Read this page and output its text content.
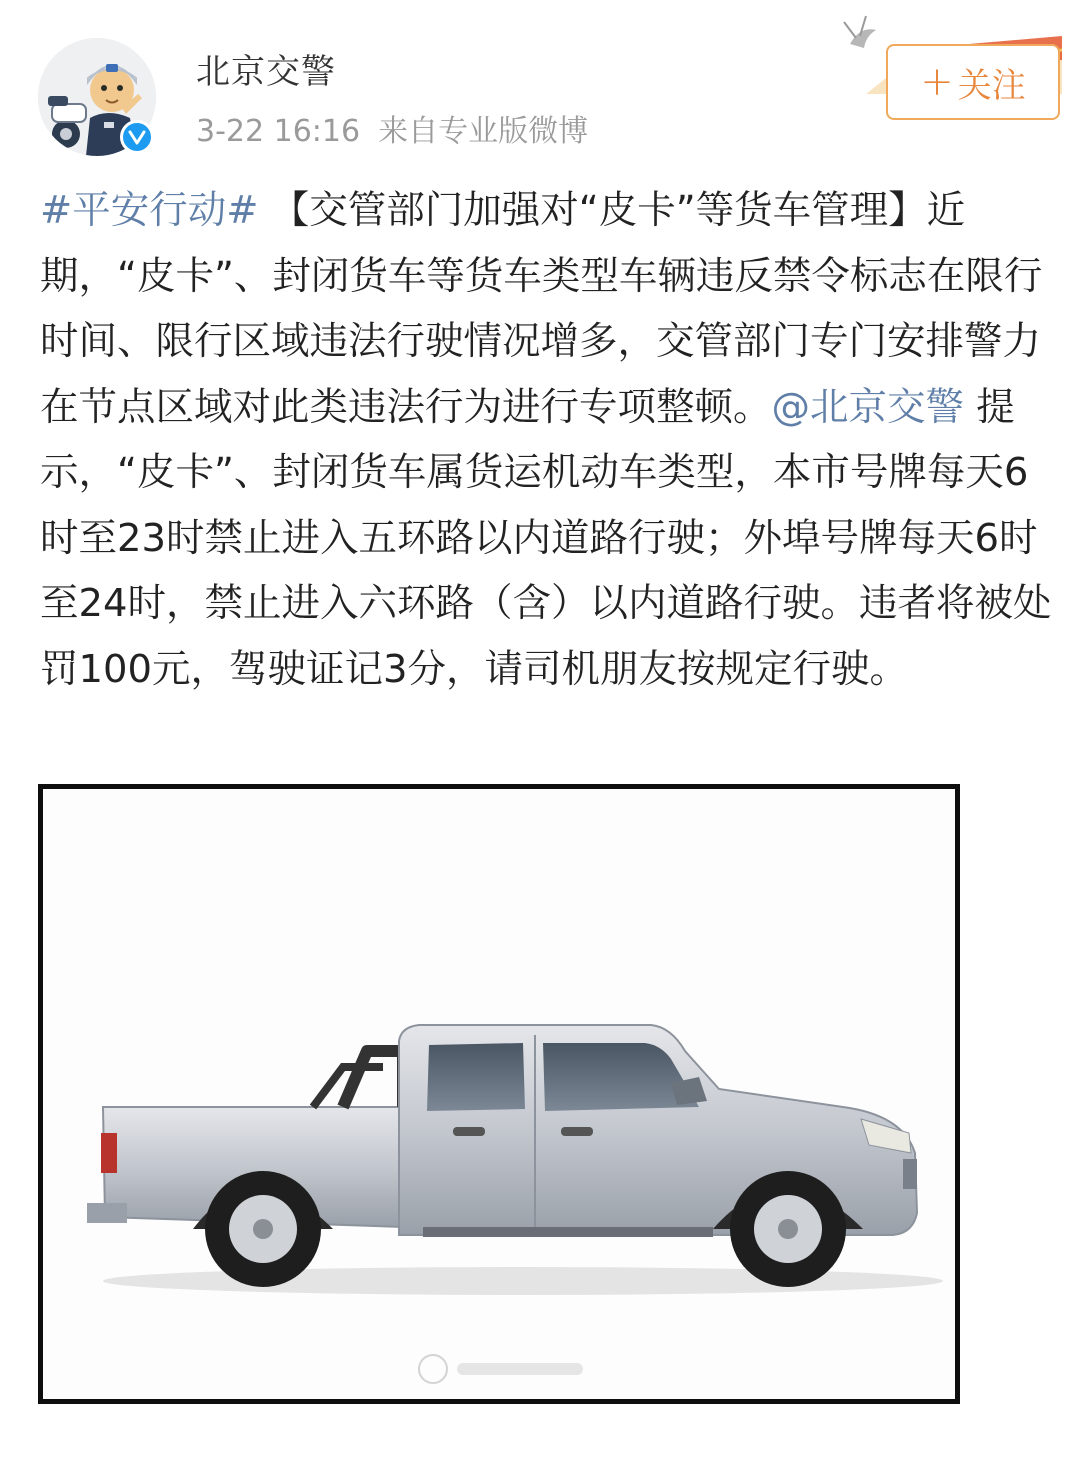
北京交警
3-22 16:16 来自专业版微博
+ 关注

#平安行动# 【交管部门加强对“皮卡”等货车管理】近期，“皮卡”、封闭货车等货车类型车辆违反禁令标志在限行时间、限行区域违法行驶情况增多，交管部门专门安排警力在节点区域对此类违法行为进行专项整顿。@北京交警 提示，“皮卡”、封闭货车属货运机动车类型，本市号牌每天6时至23时禁止进入五环路以内道路行驶；外埠号牌每天6时至24时，禁止进入六环路（含）以内道路行驶。违者将被处罚100元，驾驶证记3分，请司机朋友按规定行驶。
